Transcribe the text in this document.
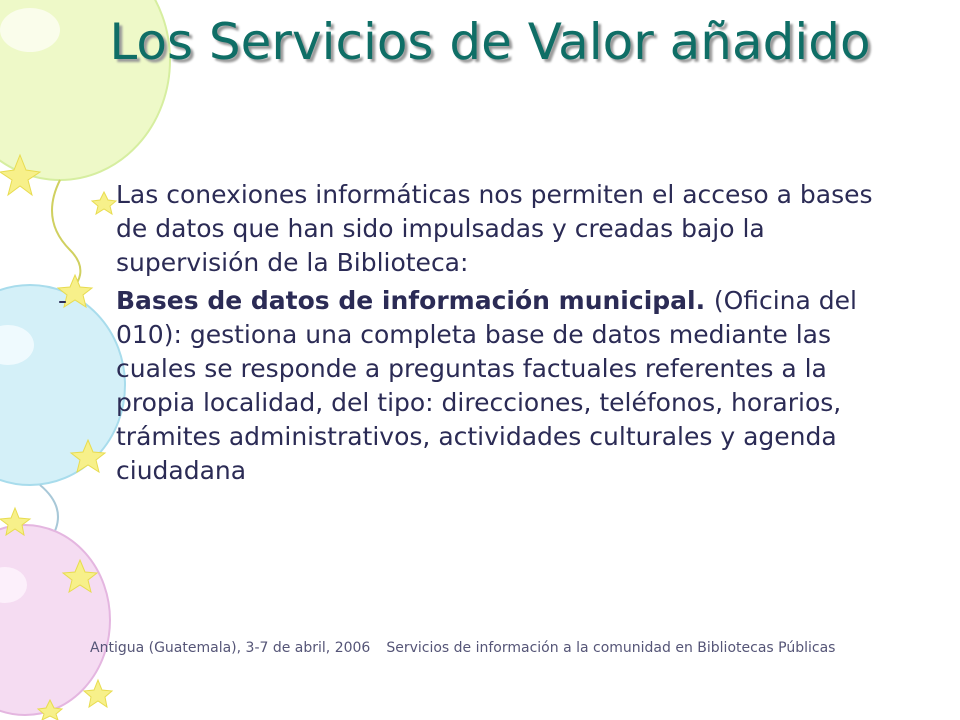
Los Servicios de Valor añadido

Las conexiones informáticas nos permiten el acceso a bases de datos que han sido impulsadas y creadas bajo la supervisión de la Biblioteca:

- Bases de datos de información municipal. (Oficina del 010): gestiona una completa base de datos mediante las cuales se responde a preguntas factuales referentes a la propia localidad, del tipo: direcciones, teléfonos, horarios, trámites administrativos, actividades culturales y agenda ciudadana
Antigua (Guatemala), 3-7 de abril, 2006 Servicios de información a la comunidad en Bibliotecas Públicas
